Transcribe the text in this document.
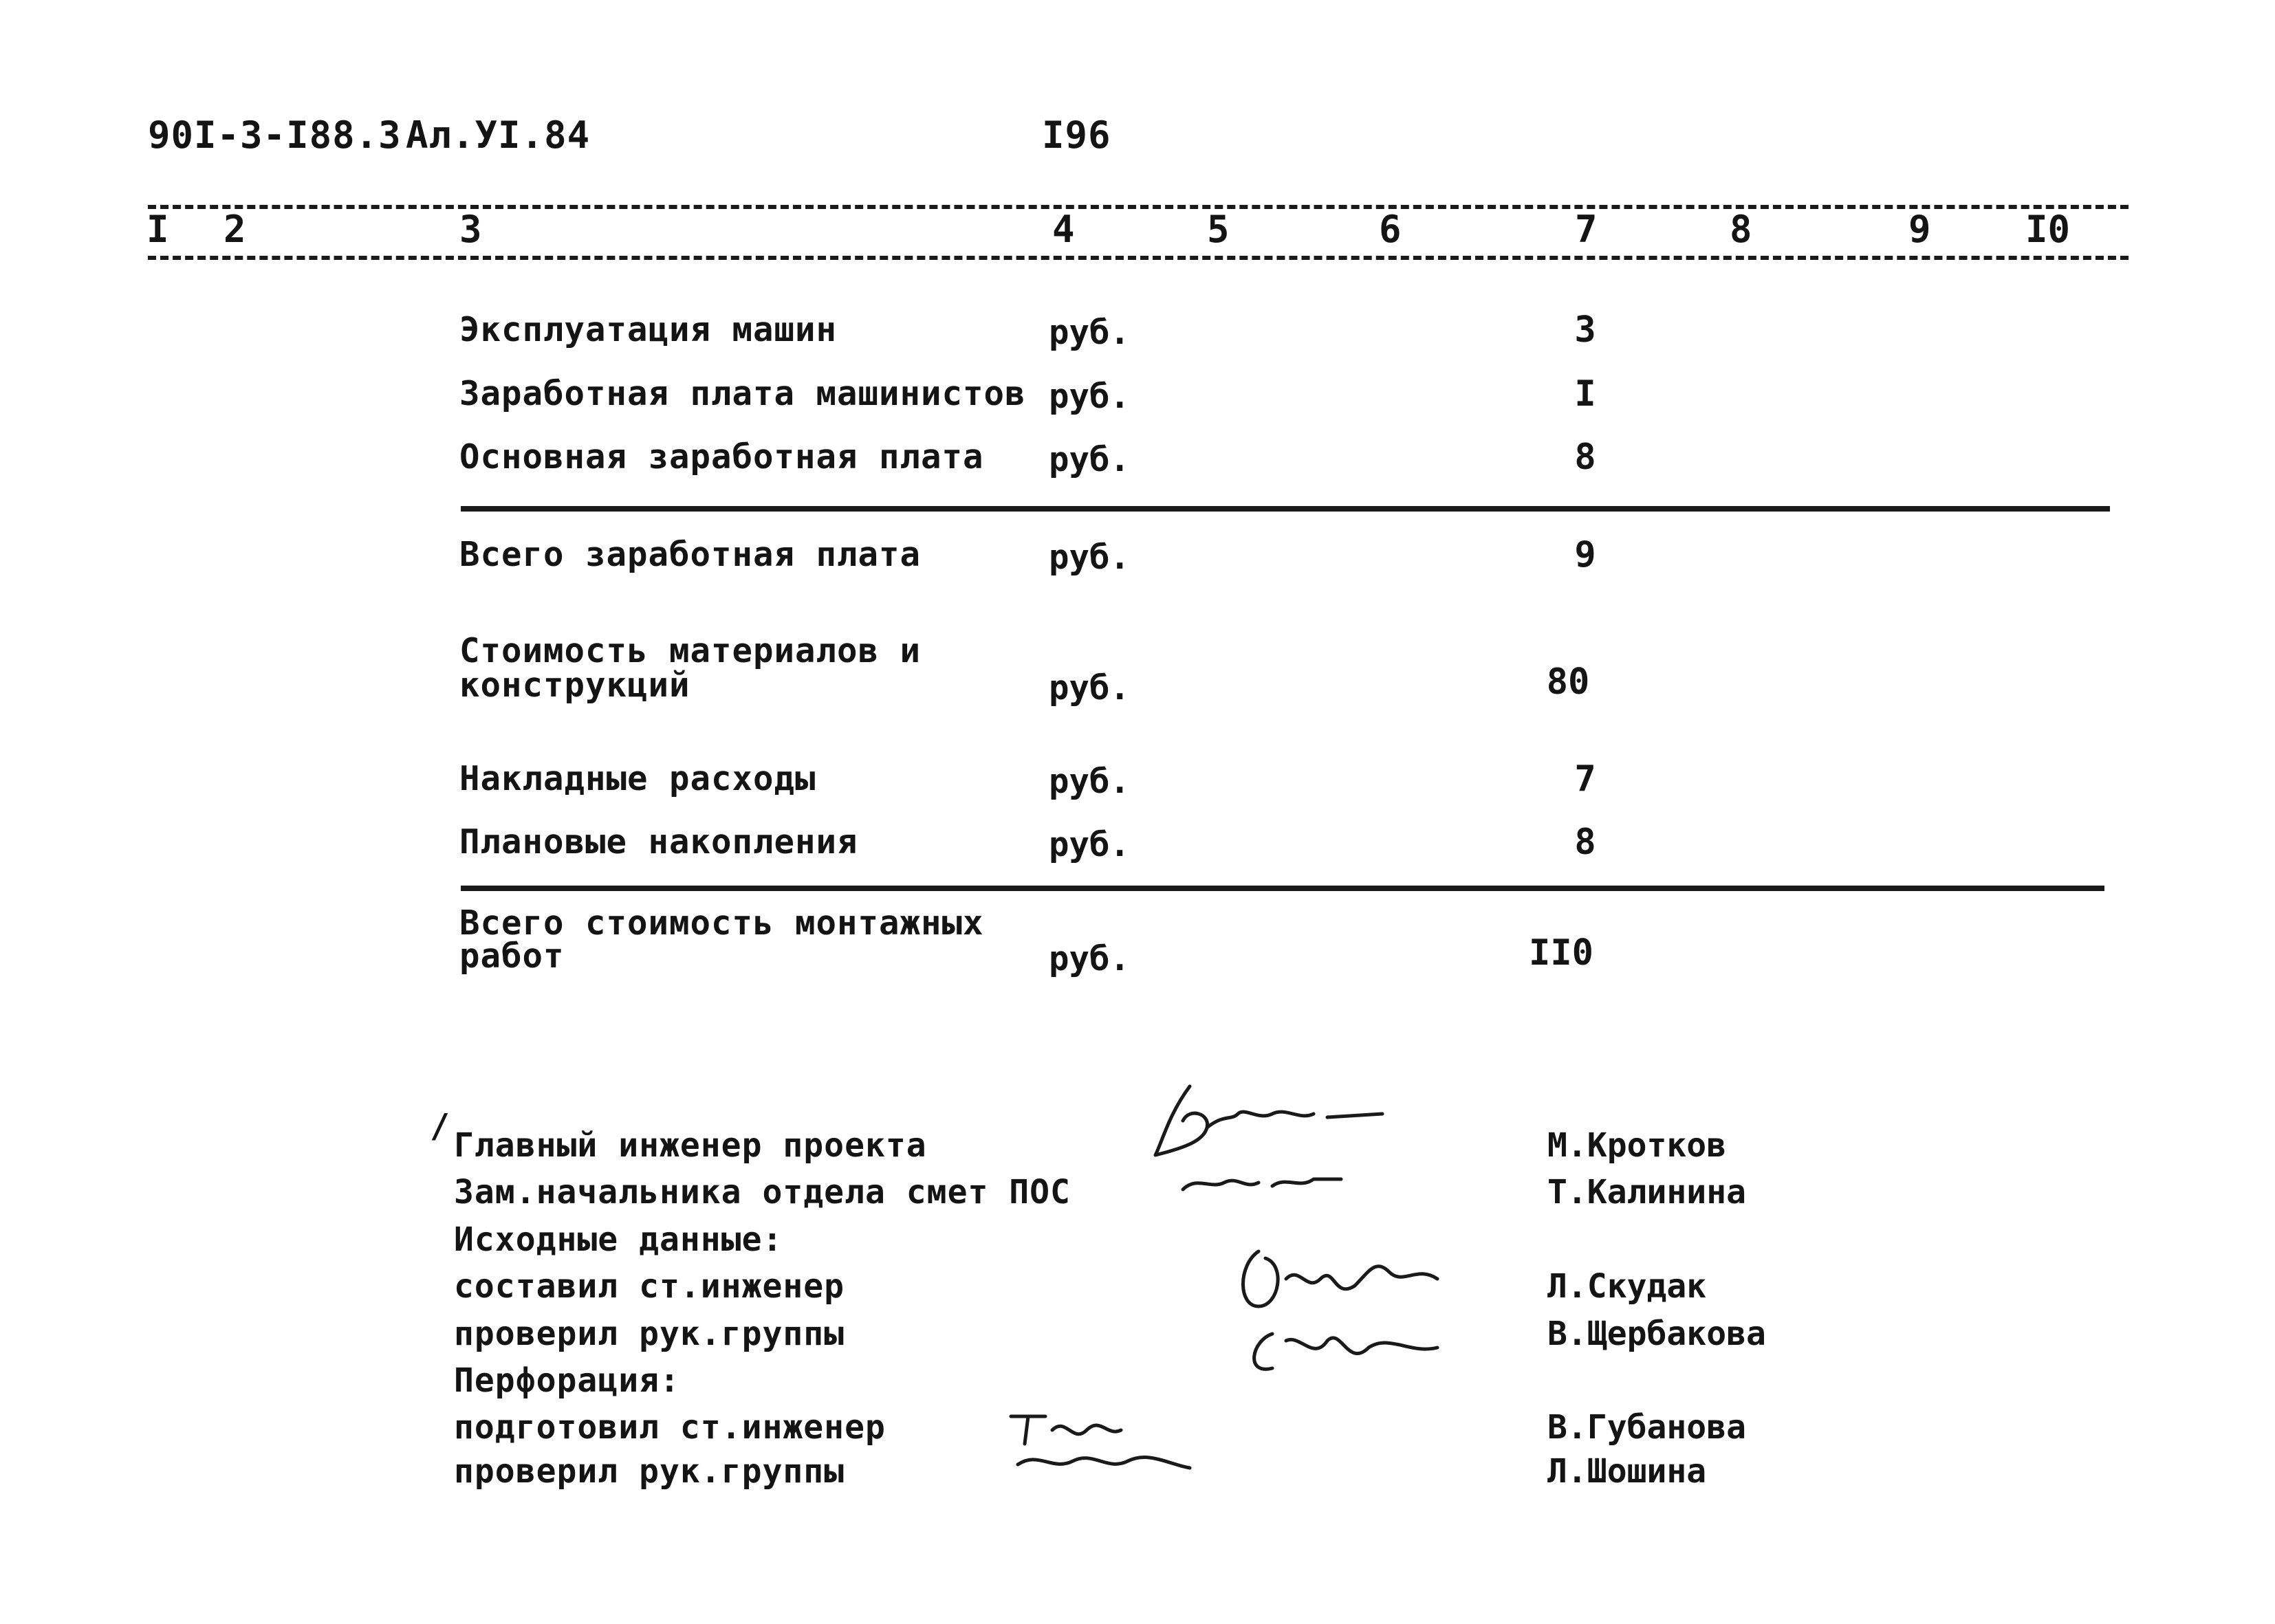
90I-3-I88.3 Ал.УI.84	I96
I 2	3	4	5	6	7	8	9	I0
Эксплуатация машин	руб.	3
Заработная плата машинистов руб.	I
Основная заработная плата руб.	8
Всего заработная плата	руб.	9
Стоимость материалов и
конструкций	руб.	80
Накладные расходы	руб.	7
Плановые накопления	руб.	8
Всего стоимость монтажных
работ	руб.	II0
/ Главный инженер проекта	М.Кротков
Зам.начальника отдела смет ПОС	Т.Калинина
Исходные данные:
составил ст.инженер	Л.Скудак
проверил рук.группы	В.Щербакова
Перфорация:
подготовил ст.инженер	В.Губанова
проверил рук.группы	Л.Шошина
